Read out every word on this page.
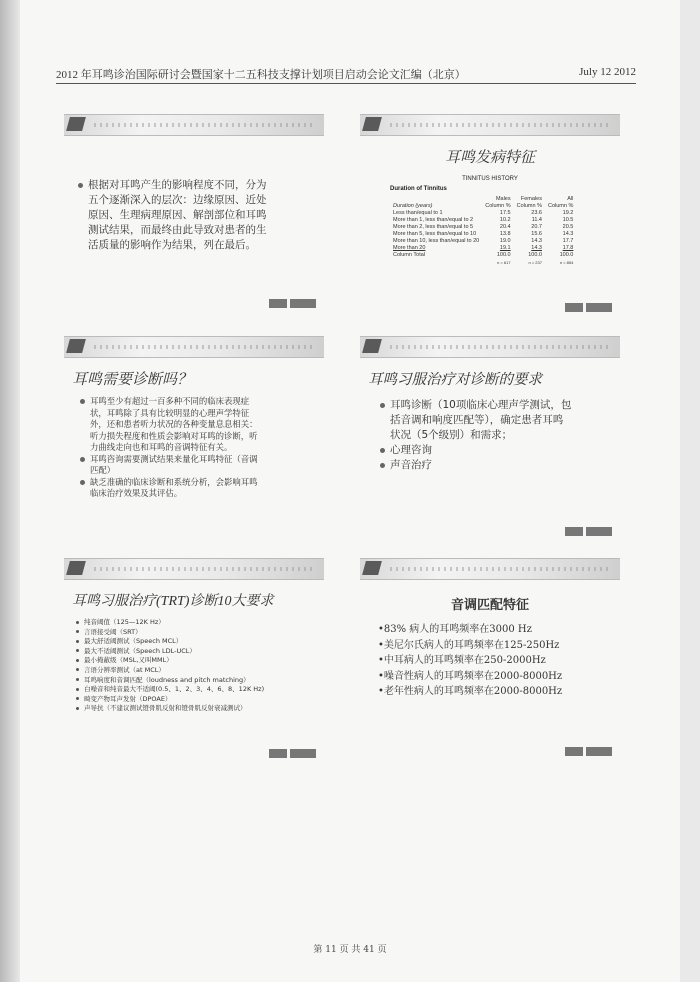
2012 年耳鸣诊治国际研讨会暨国家十二五科技支撑计划项目启动会论文汇编（北京）	July 12 2012
根据对耳鸣产生的影响程度不同，分为
五个逐渐深入的层次：边缘原因、近处
原因、生理病理原因、解剖部位和耳鸣
测试结果，而最终由此导致对患者的生
活质量的影响作为结果，列在最后。
耳鸣发病特征
TINNITUS HISTORY
Duration of Tinnitus
	Males	Females	All
Duration (years)	Column %	Column %	Column %
Less than/equal to 1	17.5	23.6	19.2
More than 1, less than/equal to 2	10.2	11.4	10.5
More than 2, less than/equal to 5	20.4	20.7	20.5
More than 5, less than/equal to 10	13.8	15.6	14.3
More than 10, less than/equal to 20	19.0	14.3	17.7
More than 20	19.1	14.3	17.8
Column Total	100.0	100.0	100.0
	n = 617	n = 237	n = 854
耳鸣需要诊断吗？
耳鸣至少有超过一百多种不同的临床表现症
状，耳鸣除了具有比较明显的心理声学特征
外，还和患者听力状况的各种变量息息相关：
听力损失程度和性质会影响对耳鸣的诊断，听
力曲线走向也和耳鸣的音调特征有关。
耳鸣咨询需要测试结果来量化耳鸣特征（音调
匹配）
缺乏准确的临床诊断和系统分析，会影响耳鸣
临床治疗效果及其评估。
耳鸣习服治疗对诊断的要求
耳鸣诊断（10项临床心理声学测试，包
括音调和响度匹配等），确定患者耳鸣
状况（5个级别）和需求；
心理咨询
声音治疗
耳鸣习服治疗(TRT)诊断10大要求
纯音阈值（125—12K Hz）
言语接受阈（SRT）
最大舒适阈测试（Speech MCL）
最大不适阈测试（Speech LDL-UCL）
最小掩蔽级（MSL,又叫MML）
言语分辨率测试（at MCL）
耳鸣响度和音调匹配（loudness and pitch matching）
白噪音和纯音最大不适阈(0.5、1、2、3、4、6、8、12K Hz)
畸变产物耳声发射（DPOAE）
声导抗（不建议测试镫骨肌反射和镫骨肌反射衰减测试）
音调匹配特征
•83% 病人的耳鸣频率在3000 Hz
•美尼尔氏病人的耳鸣频率在125-250Hz
•中耳病人的耳鸣频率在250-2000Hz
•噪音性病人的耳鸣频率在2000-8000Hz
•老年性病人的耳鸣频率在2000-8000Hz
第 11 页 共 41 页
